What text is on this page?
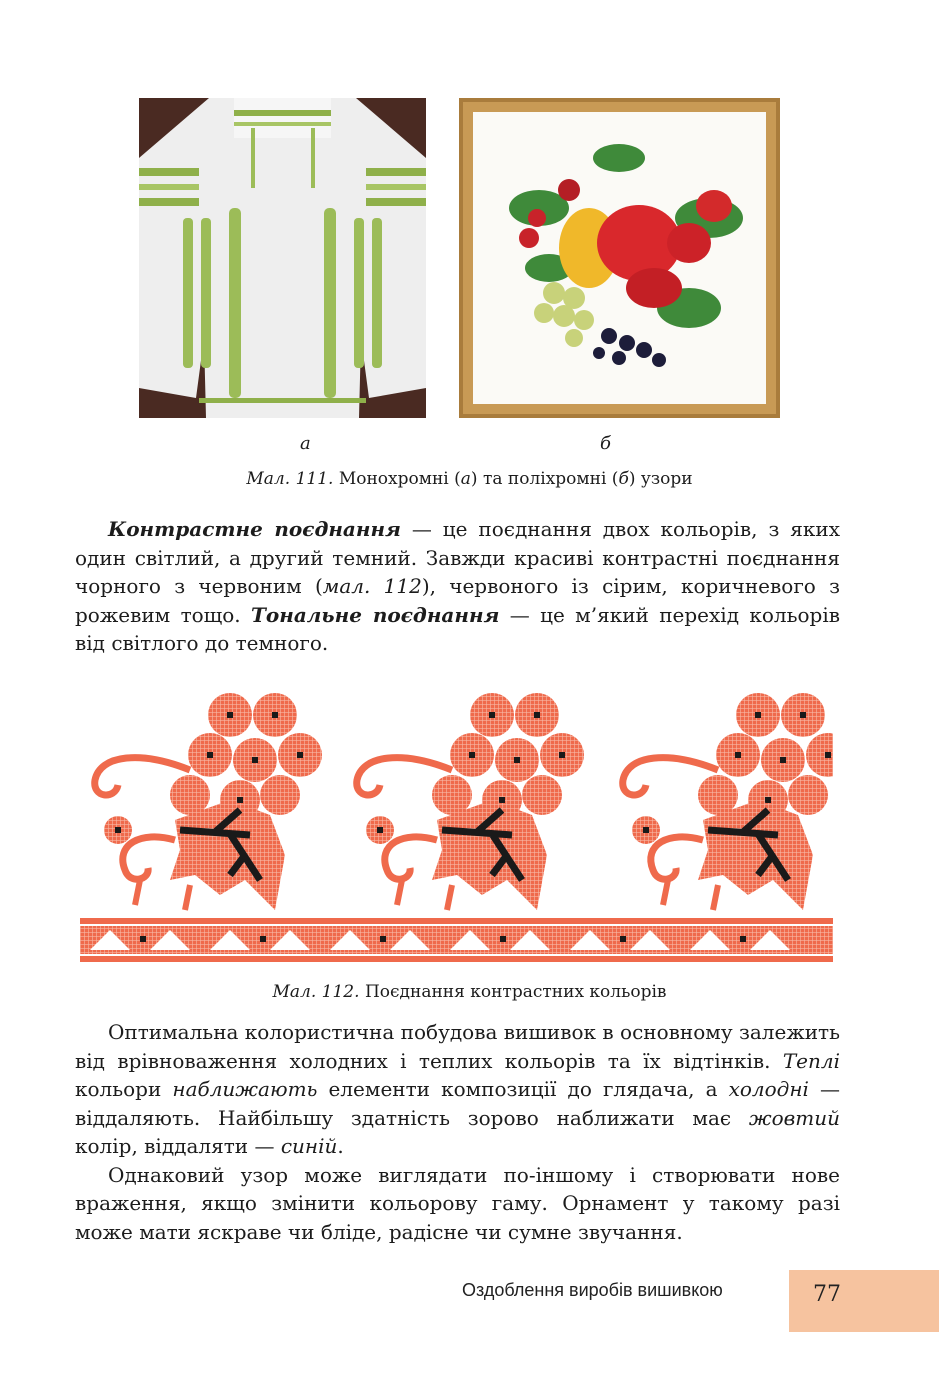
а	б
Мал. 111. Монохромні (а) та поліхромні (б) узори

Контрастне поєднання — це поєднання двох кольорів, з яких один світлий, а другий темний. Завжди красиві контрастні поєднання чорного з червоним (мал. 112), червоного із сірим, коричневого з рожевим тощо. Тональне поєднання — це м’який перехід кольорів від світлого до темного.

Мал. 112. Поєднання контрастних кольорів

Оптимальна колористична побудова вишивок в основному залежить від врівноваження холодних і теплих кольорів та їх відтінків. Теплі кольори наближають елементи композиції до глядача, а холодні — віддаляють. Найбільшу здатність зорово наближати має жовтий колір, віддаляти — синій.

Однаковий узор може виглядати по-іншому і створювати нове враження, якщо змінити кольорову гаму. Орнамент у такому разі може мати яскраве чи бліде, радісне чи сумне звучання.

Оздоблення виробів вишивкою	77
